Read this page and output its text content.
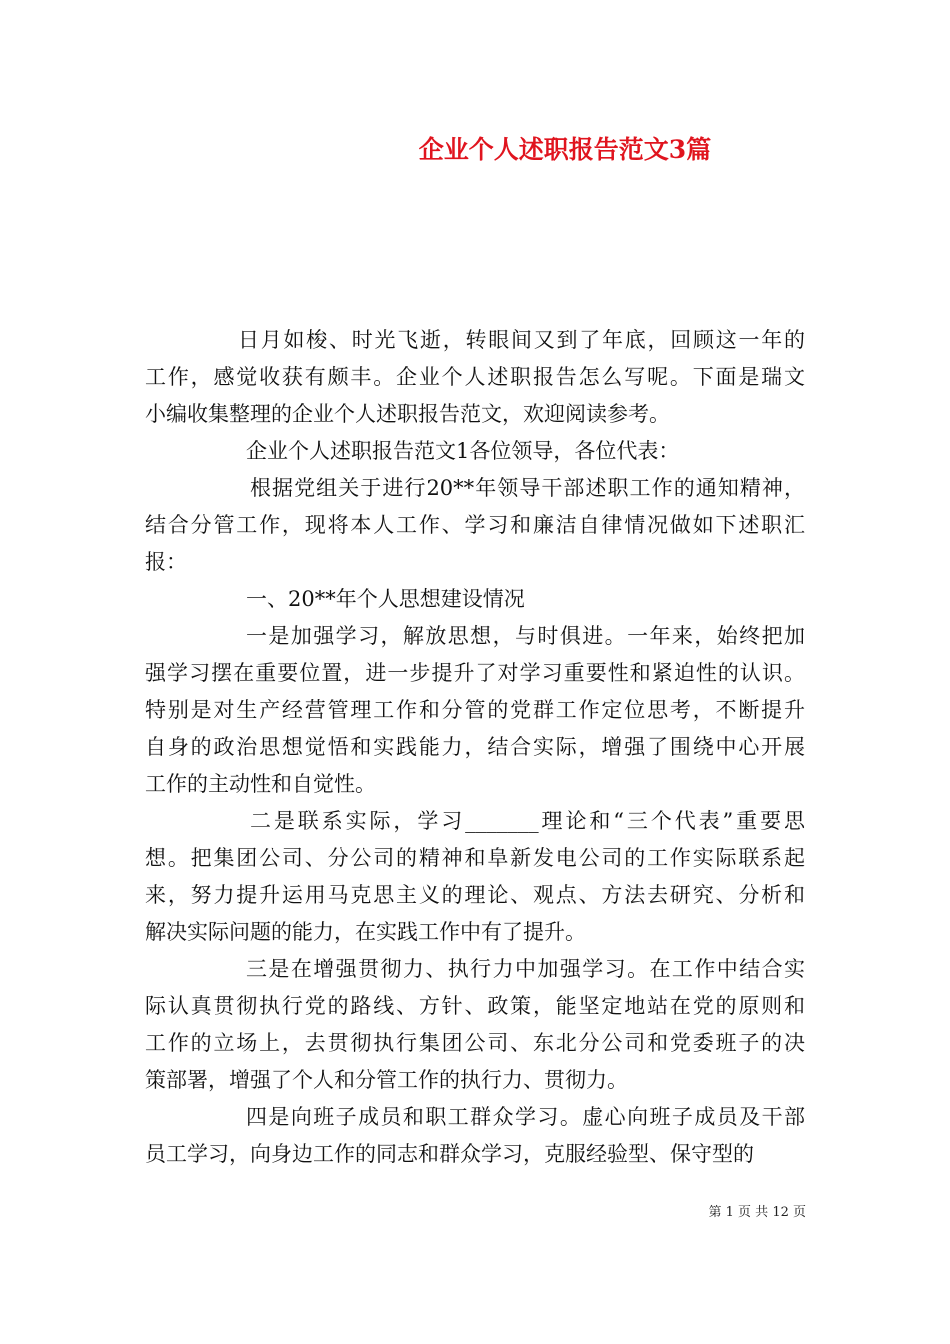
企业个人述职报告范文3篇
日月如梭、时光飞逝，转眼间又到了年底，回顾这一年的
工作，感觉收获有颇丰。企业个人述职报告怎么写呢。下面是瑞文
小编收集整理的企业个人述职报告范文，欢迎阅读参考。
企业个人述职报告范文1各位领导，各位代表：
根据党组关于进行20**年领导干部述职工作的通知精神，
结合分管工作，现将本人工作、学习和廉洁自律情况做如下述职汇
报：
一、20**年个人思想建设情况
一是加强学习，解放思想，与时俱进。一年来，始终把加
强学习摆在重要位置，进一步提升了对学习重要性和紧迫性的认识。
特别是对生产经营管理工作和分管的党群工作定位思考，不断提升
自身的政治思想觉悟和实践能力，结合实际，增强了围绕中心开展
工作的主动性和自觉性。
二是联系实际，学习_______理论和“三个代表”重要思
想。把集团公司、分公司的精神和阜新发电公司的工作实际联系起
来，努力提升运用马克思主义的理论、观点、方法去研究、分析和
解决实际问题的能力，在实践工作中有了提升。
三是在增强贯彻力、执行力中加强学习。在工作中结合实
际认真贯彻执行党的路线、方针、政策，能坚定地站在党的原则和
工作的立场上，去贯彻执行集团公司、东北分公司和党委班子的决
策部署，增强了个人和分管工作的执行力、贯彻力。
四是向班子成员和职工群众学习。虚心向班子成员及干部
员工学习，向身边工作的同志和群众学习，克服经验型、保守型的
第 1 页 共 12 页
